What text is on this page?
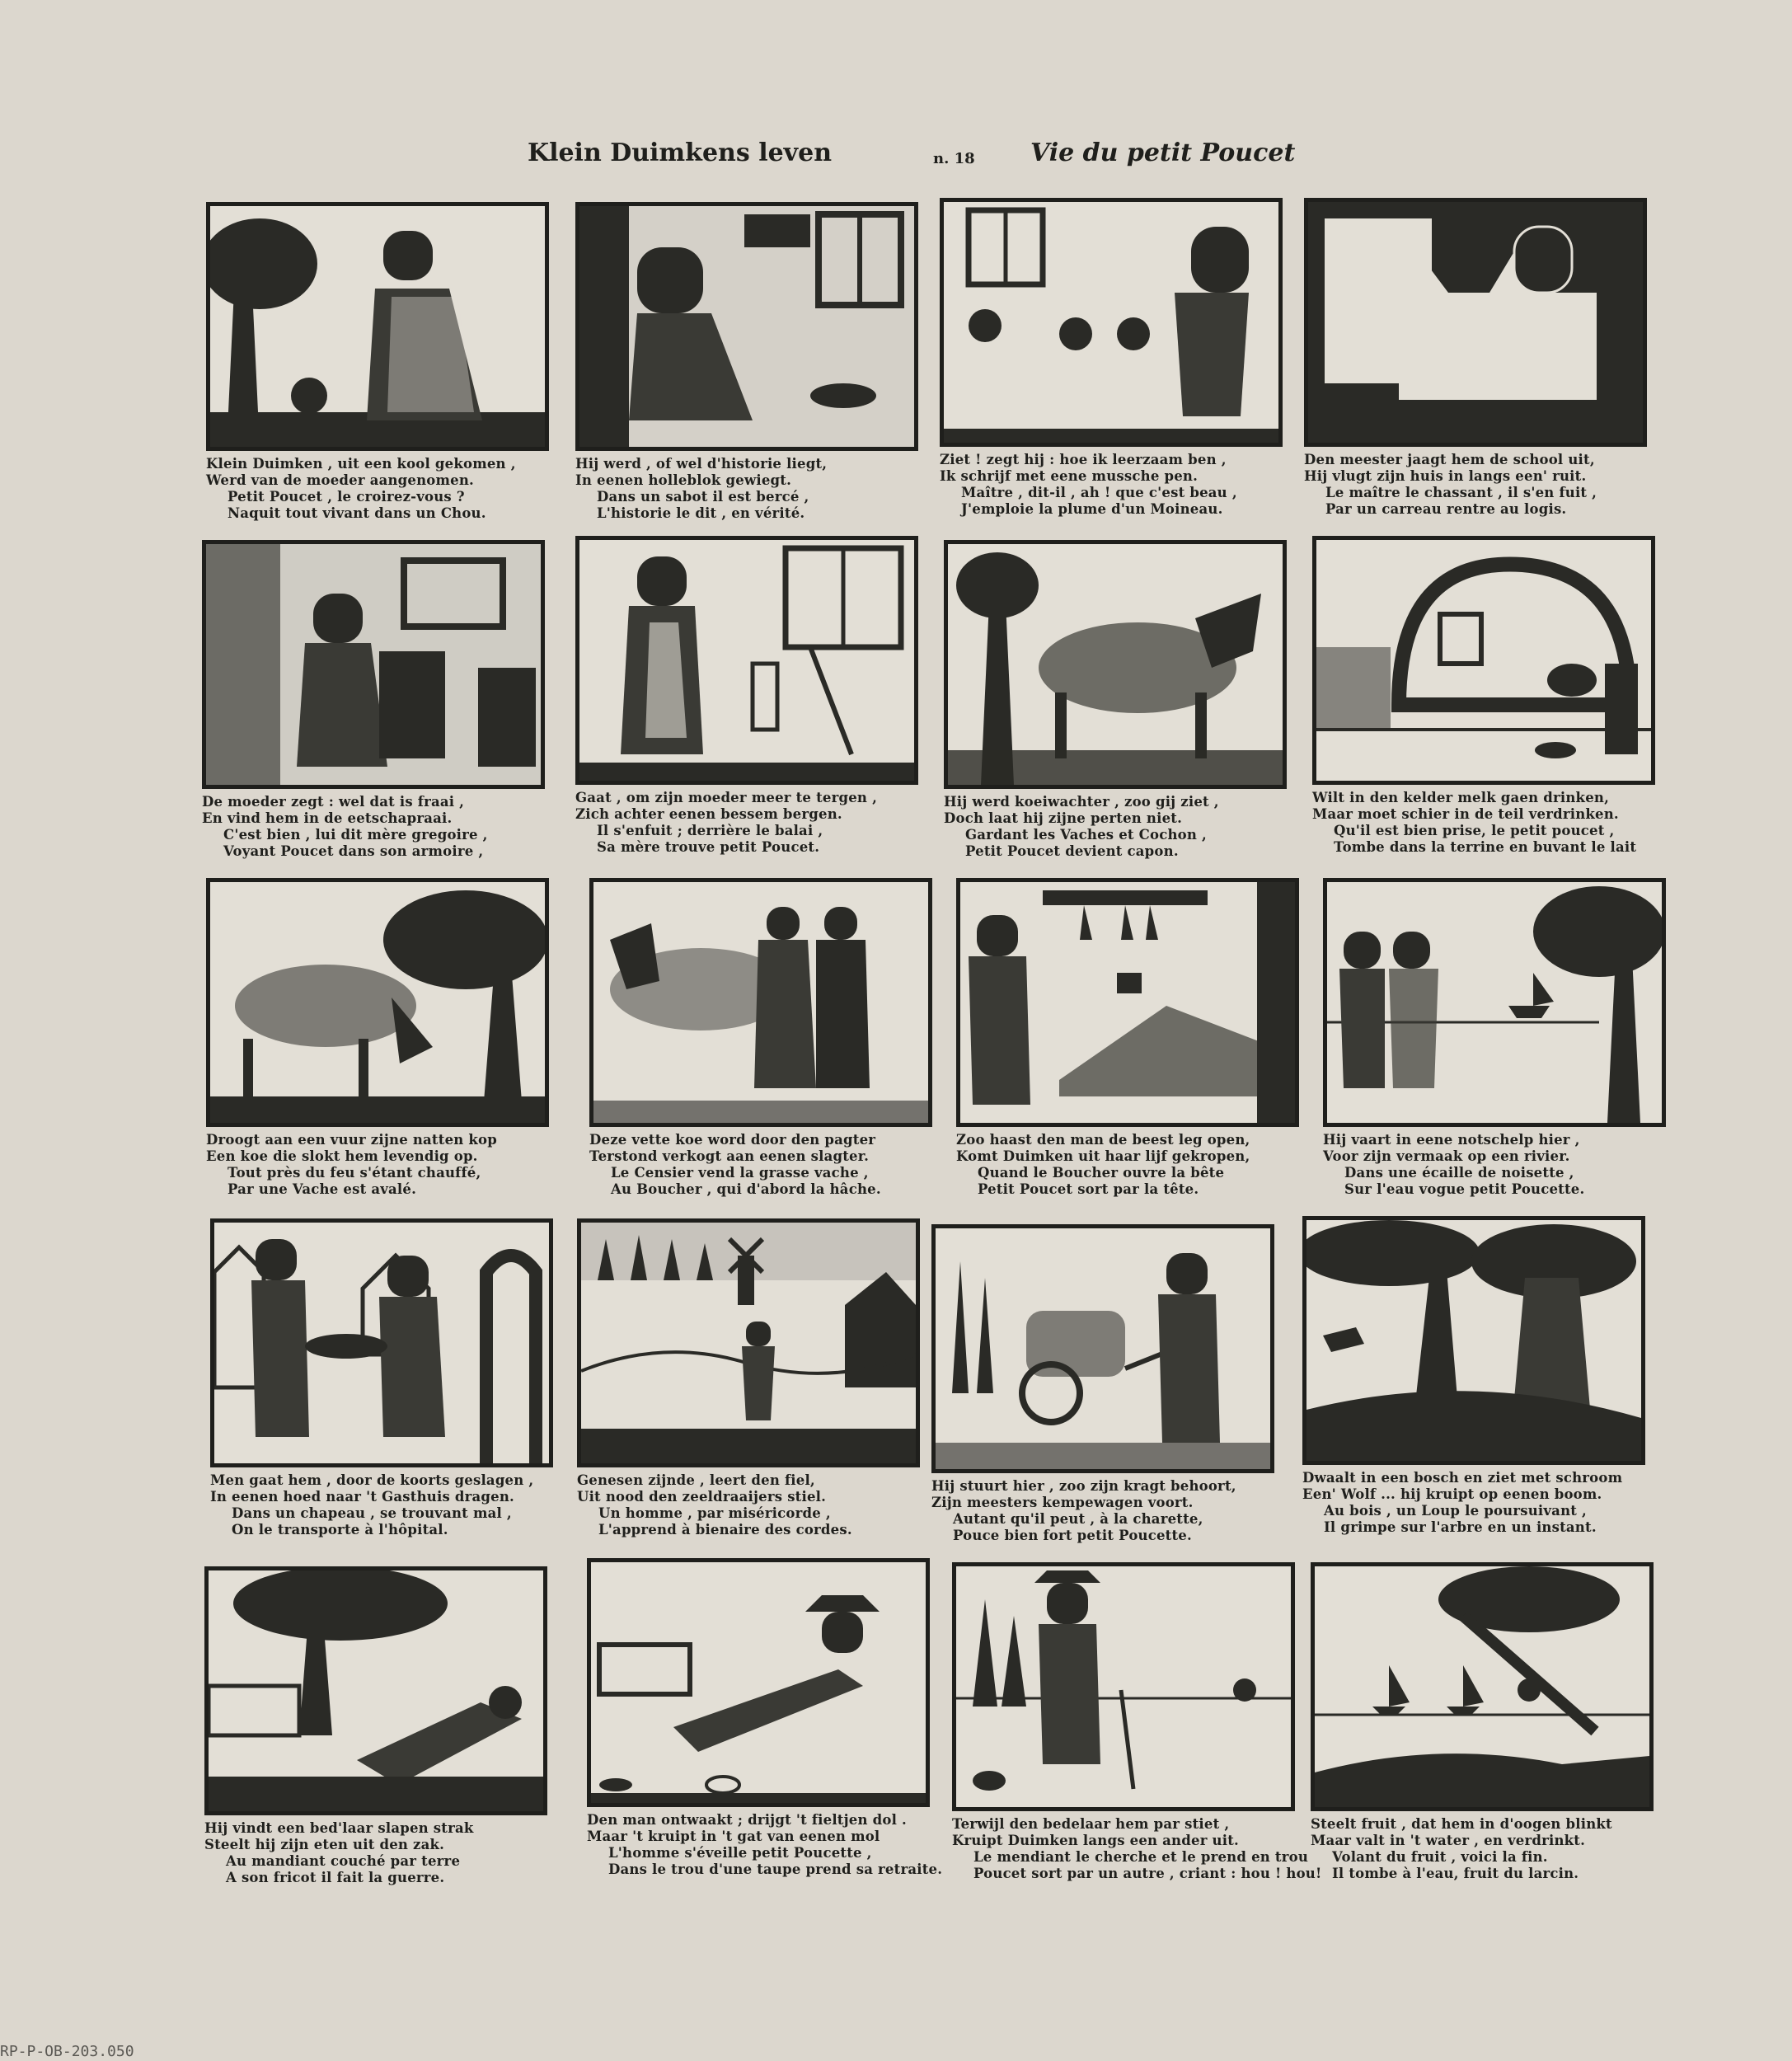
Klein Duimkens leven	n. 18 Vie du petit Poucet
Klein Duimken , uit een kool gekomen ,
Werd van de moeder aangenomen.
Petit Poucet , le croirez-vous ?
Naquit tout vivant dans un Chou.
Hij werd , of wel d'historie liegt,
In eenen holleblok gewiegt.
Dans un sabot il est bercé ,
L'historie le dit , en vérité.
Ziet ! zegt hij : hoe ik leerzaam ben ,
Ik schrijf met eene mussche pen.
Maître , dit-il , ah ! que c'est beau ,
J'emploie la plume d'un Moineau.
Den meester jaagt hem de school uit,
Hij vlugt zijn huis in langs een' ruit.
Le maître le chassant , il s'en fuit ,
Par un carreau rentre au logis.
De moeder zegt : wel dat is fraai ,
En vind hem in de eetschapraai.
C'est bien , lui dit mère gregoire ,
Voyant Poucet dans son armoire ,
Gaat , om zijn moeder meer te tergen ,
Zich achter eenen bessem bergen.
Il s'enfuit ; derrière le balai ,
Sa mère trouve petit Poucet.
Hij werd koeiwachter , zoo gij ziet ,
Doch laat hij zijne perten niet.
Gardant les Vaches et Cochon ,
Petit Poucet devient capon.
Wilt in den kelder melk gaen drinken,
Maar moet schier in de teil verdrinken.
Qu'il est bien prise, le petit poucet ,
Tombe dans la terrine en buvant le lait
Droogt aan een vuur zijne natten kop
Een koe die slokt hem levendig op.
Tout près du feu s'étant chauffé,
Par une Vache est avalé.
Deze vette koe word door den pagter
Terstond verkogt aan eenen slagter.
Le Censier vend la grasse vache ,
Au Boucher , qui d'abord la hâche.
Zoo haast den man de beest leg open,
Komt Duimken uit haar lijf gekropen,
Quand le Boucher ouvre la bête
Petit Poucet sort par la tête.
Hij vaart in eene notschelp hier ,
Voor zijn vermaak op een rivier.
Dans une écaille de noisette ,
Sur l'eau vogue petit Poucette.
Men gaat hem , door de koorts geslagen ,
In eenen hoed naar 't Gasthuis dragen.
Dans un chapeau , se trouvant mal ,
On le transporte à l'hôpital.
Genesen zijnde , leert den fiel,
Uit nood den zeeldraaijers stiel.
Un homme , par miséricorde ,
L'apprend à bienaire des cordes.
Hij stuurt hier , zoo zijn kragt behoort,
Zijn meesters kempewagen voort.
Autant qu'il peut , à la charette,
Pouce bien fort petit Poucette.
Dwaalt in een bosch en ziet met schroom
Een' Wolf ... hij kruipt op eenen boom.
Au bois , un Loup le poursuivant ,
Il grimpe sur l'arbre en un instant.
Hij vindt een bed'laar slapen strak
Steelt hij zijn eten uit den zak.
Au mandiant couché par terre
A son fricot il fait la guerre.
Den man ontwaakt ; drijgt 't fieltjen dol .
Maar 't kruipt in 't gat van eenen mol
L'homme s'éveille petit Poucette ,
Dans le trou d'une taupe prend sa retraite.
Terwijl den bedelaar hem par stiet ,
Kruipt Duimken langs een ander uit.
Le mendiant le cherche et le prend en trou
Poucet sort par un autre , criant : hou ! hou!
Steelt fruit , dat hem in d'oogen blinkt
Maar valt in 't water , en verdrinkt.
Volant du fruit , voici la fin.
Il tombe à l'eau, fruit du larcin.
RP-P-OB-203.050
